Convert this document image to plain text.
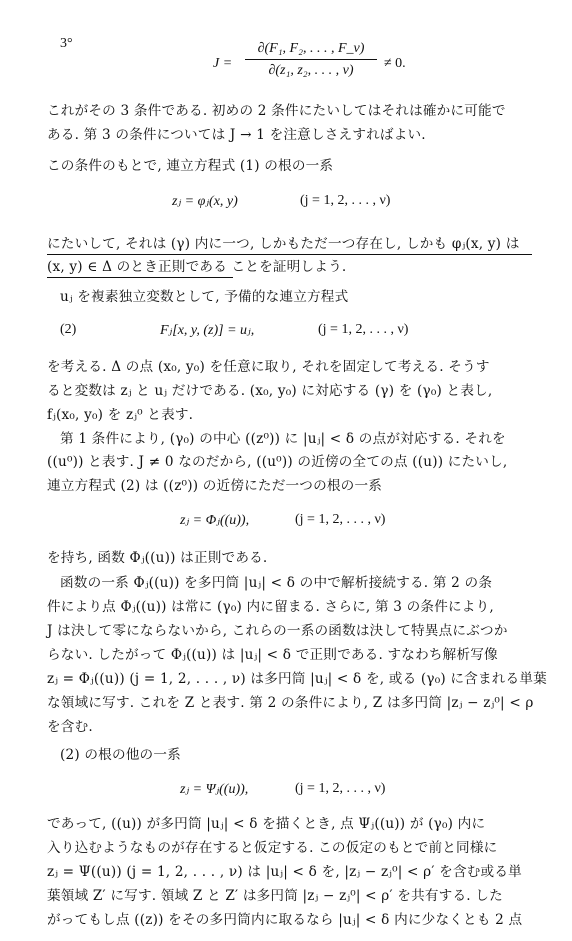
3°
J =
∂(F₁, F₂, . . . , F_ν)
∂(z₁, z₂, . . . , ν)	≠ 0.
これがその 3 条件である. 初めの 2 条件にたいしてはそれは確かに可能で
ある. 第 3 の条件については J → 1 を注意しさえすればよい.
この条件のもとで, 連立方程式 (1) の根の一系
zⱼ = φⱼ(x, y)	(j = 1, 2, . . . , ν)
にたいして, それは (γ) 内に一つ, しかもただ一つ存在し, しかも φⱼ(x, y) は
(x, y) ∈ Δ のとき正則である ことを証明しよう.
uⱼ を複素独立変数として, 予備的な連立方程式
(2)	Fⱼ[x, y, (z)] = uⱼ,	(j = 1, 2, . . . , ν)
を考える. Δ の点 (x₀, y₀) を任意に取り, それを固定して考える. そうす
ると変数は zⱼ と uⱼ だけである. (x₀, y₀) に対応する (γ) を (γ₀) と表し,
fⱼ(x₀, y₀) を zⱼ⁰ と表す.
第 1 条件により, (γ₀) の中心 ((z⁰)) に |uⱼ| < δ の点が対応する. それを
((u⁰)) と表す. J ≠ 0 なのだから, ((u⁰)) の近傍の全ての点 ((u)) にたいし,
連立方程式 (2) は ((z⁰)) の近傍にただ一つの根の一系
zⱼ = Φⱼ((u)),	(j = 1, 2, . . . , ν)
を持ち, 函数 Φⱼ((u)) は正則である.
函数の一系 Φⱼ((u)) を多円筒 |uⱼ| < δ の中で解析接続する. 第 2 の条
件により点 Φⱼ((u)) は常に (γ₀) 内に留まる. さらに, 第 3 の条件により,
J は決して零にならないから, これらの一系の函数は決して特異点にぶつか
らない. したがって Φⱼ((u)) は |uⱼ| < δ で正則である. すなわち解析写像
zⱼ = Φⱼ((u)) (j = 1, 2, . . . , ν) は多円筒 |uⱼ| < δ を, 或る (γ₀) に含まれる単葉
な領域に写す. これを Z と表す. 第 2 の条件により, Z は多円筒 |zⱼ − zⱼ⁰| < ρ
を含む.
(2) の根の他の一系
zⱼ = Ψⱼ((u)),	(j = 1, 2, . . . , ν)
であって, ((u)) が多円筒 |uⱼ| < δ を描くとき, 点 Ψⱼ((u)) が (γ₀) 内に
入り込むようなものが存在すると仮定する. この仮定のもとで前と同様に
zⱼ = Ψ((u)) (j = 1, 2, . . . , ν) は |uⱼ| < δ を, |zⱼ − zⱼ⁰| < ρ′ を含む或る単
葉領域 Z′ に写す. 領域 Z と Z′ は多円筒 |zⱼ − zⱼ⁰| < ρ′ を共有する. した
がってもし点 ((z)) をその多円筒内に取るなら |uⱼ| < δ 内に少なくとも 2 点
